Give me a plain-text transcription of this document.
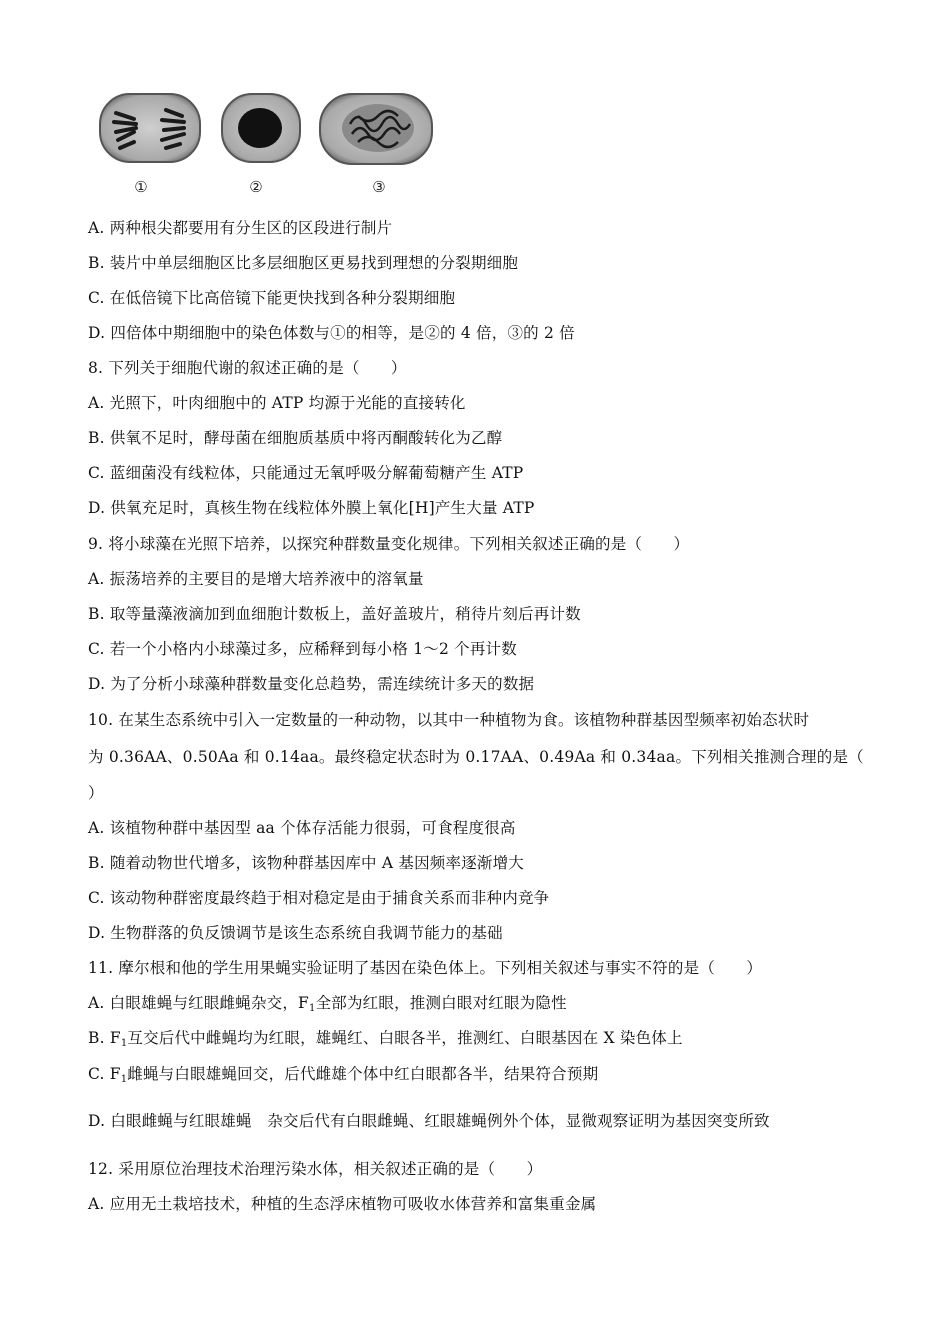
①	②	③
A. 两种根尖都要用有分生区的区段进行制片
B. 装片中单层细胞区比多层细胞区更易找到理想的分裂期细胞
C. 在低倍镜下比高倍镜下能更快找到各种分裂期细胞
D. 四倍体中期细胞中的染色体数与①的相等，是②的 4 倍，③的 2 倍
8. 下列关于细胞代谢的叙述正确的是（　　）
A. 光照下，叶肉细胞中的 ATP 均源于光能的直接转化
B. 供氧不足时，酵母菌在细胞质基质中将丙酮酸转化为乙醇
C. 蓝细菌没有线粒体，只能通过无氧呼吸分解葡萄糖产生 ATP
D. 供氧充足时，真核生物在线粒体外膜上氧化[H]产生大量 ATP
9. 将小球藻在光照下培养，以探究种群数量变化规律。下列相关叙述正确的是（　　）
A. 振荡培养的主要目的是增大培养液中的溶氧量
B. 取等量藻液滴加到血细胞计数板上，盖好盖玻片，稍待片刻后再计数
C. 若一个小格内小球藻过多，应稀释到每小格 1～2 个再计数
D. 为了分析小球藻种群数量变化总趋势，需连续统计多天的数据
10. 在某生态系统中引入一定数量的一种动物，以其中一种植物为食。该植物种群基因型频率初始态状时
为 0.36AA、0.50Aa 和 0.14aa。最终稳定状态时为 0.17AA、0.49Aa 和 0.34aa。下列相关推测合理的是（
）
A. 该植物种群中基因型 aa 个体存活能力很弱，可食程度很高
B. 随着动物世代增多，该物种群基因库中 A 基因频率逐渐增大
C. 该动物种群密度最终趋于相对稳定是由于捕食关系而非种内竞争
D. 生物群落的负反馈调节是该生态系统自我调节能力的基础
11. 摩尔根和他的学生用果蝇实验证明了基因在染色体上。下列相关叙述与事实不符的是（　　）
A. 白眼雄蝇与红眼雌蝇杂交，$F_1$全部为红眼，推测白眼对红眼为隐性
B. $F_1$互交后代中雌蝇均为红眼，雄蝇红、白眼各半，推测红、白眼基因在 X 染色体上
C. $F_1$雌蝇与白眼雄蝇回交，后代雌雄个体中红白眼都各半，结果符合预期
D. 白眼雌蝇与红眼雄蝇　杂交后代有白眼雌蝇、红眼雄蝇例外个体，显微观察证明为基因突变所致
12. 采用原位治理技术治理污染水体，相关叙述正确的是（　　）
A. 应用无土栽培技术，种植的生态浮床植物可吸收水体营养和富集重金属
